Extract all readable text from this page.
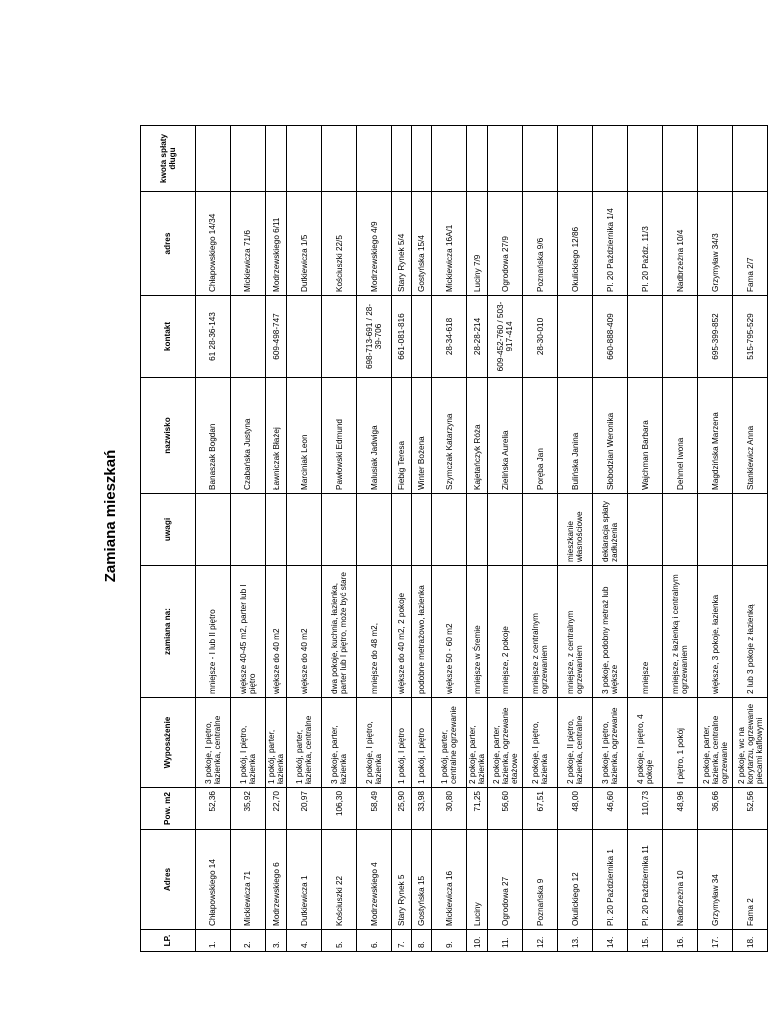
Zamiana mieszkań
LP.	Adres	Pow. m2	Wyposażenie	zamiana na:	uwagi	nazwisko	kontakt	adres	kwota spłaty długu
1.	Chłapowskiego 14	52,36	3 pokoje, I piętro, łazienka, centralne	mniejsze - I lub II piętro		Banaszak Bogdan	61 28-36-143	Chłapowskiego 14/34	
2.	Mickiewicza 71	35,92	1 pokój, I piętro, łazienka	większe 40-45 m2, parter lub I piętro		Czabańska Justyna		Mickiewicza 71/6	
3.	Modrzewskiego 6	22,70	1 pokój, parter, łazienka	większe do 40 m2		Ławniczak Błażej	609-498-747	Modrzewskiego 6/11	
4.	Dutkiewicza 1	20,97	1 pokój, parter, łazienka, centralne	większe do 40 m2		Marciniak Leon		Dutkiewicza 1/5	
5.	Kościuszki 22	106,30	3 pokoje, parter, łazienka	dwa pokoje, kuchnia, łazienka, parter lub I piętro, może być stare		Pawłowski Edmund		Kościuszki 22/5	
6.	Modrzewskiego 4	58,49	2 pokoje, I piętro, łazienka	mniejsze do 48 m2,		Malusiak Jadwiga	698-713-691 / 28-39-706	Modrzewskiego 4/9	
7.	Stary Rynek 5	25,90	1 pokój, I piętro	większe do 40 m2, 2 pokoje		Fiebig Teresa	661-081-816	Stary Rynek 5/4	
8.	Gostyńska 15	33,98	1 pokój, I piętro	podobne metrażowo, łazienka		Winter Bożena		Gostyńska 15/4	
9.	Mickiewicza 16	30,80	1 pokój, parter, centralne ogrzewanie	większe 50 - 60 m2		Szymczak Katarzyna	28-34-618	Mickiewicza 16A/1	
10.	Luciny	71,25	2 pokoje, parter, łazienka	mniejsze w Śremie		Kajetańczyk Róża	28-28-214	Luciny 7/9	
11.	Ogrodowa 27	56,60	2 pokoje, parter, łazienka, ogrzewanie etażowe	mniejsze, 2 pokoje		Zielińska Aurelia	609-452-760 / 503-917-414	Ogrodowa 27/9	
12.	Poznańska 9	67,51	2 pokoje, I piętro, łazienka	mniejsze z centralnym ogrzewaniem		Poręba Jan	28-30-010	Poznańska 9/6	
13.	Okulickiego 12	48,00	2 pokoje, II piętro, łazienka, centralne	mniejsze, z centralnym ogrzewaniem	mieszkanie własnościowe	Bulińska Janina		Okulickiego 12/86	
14.	Pl. 20 Października 1	46,60	3 pokoje, I piętro, łazienka, ogrzewanie	3 pokoje, podobny metraż lub większe	deklaracja spłaty zadłużenia	Słobodzian Weronika	660-888-409	Pl. 20 Października 1/4	
15.	Pl. 20 Października 11	110,73	4 pokoje, I piętro, 4 pokoje	mniejsze		Wajchman Barbara		Pl. 20 Paźdz. 11/3	
16.	Nadbrzeżna 10	48,96	I piętro, 1 pokój	mniejsze, z łazienką i centralnym ogrzewaniem		Dehmel Iwona		Nadbrzeżna 10/4	
17.	Grzymyław 34	36,66	2 pokoje, parter, łazienka, centralne ogrzewanie	większe, 3 pokoje, łazienka		Magdzińska Marzena	695-399-852	Grzymyław 34/3	
18.	Fama 2	52,56	2 pokoje, wc na korytarzu, ogrzewanie piecami kaflowymi	2 lub 3 pokoje z łazienką		Stankiewicz Anna	515-795-529	Fama 2/7	
